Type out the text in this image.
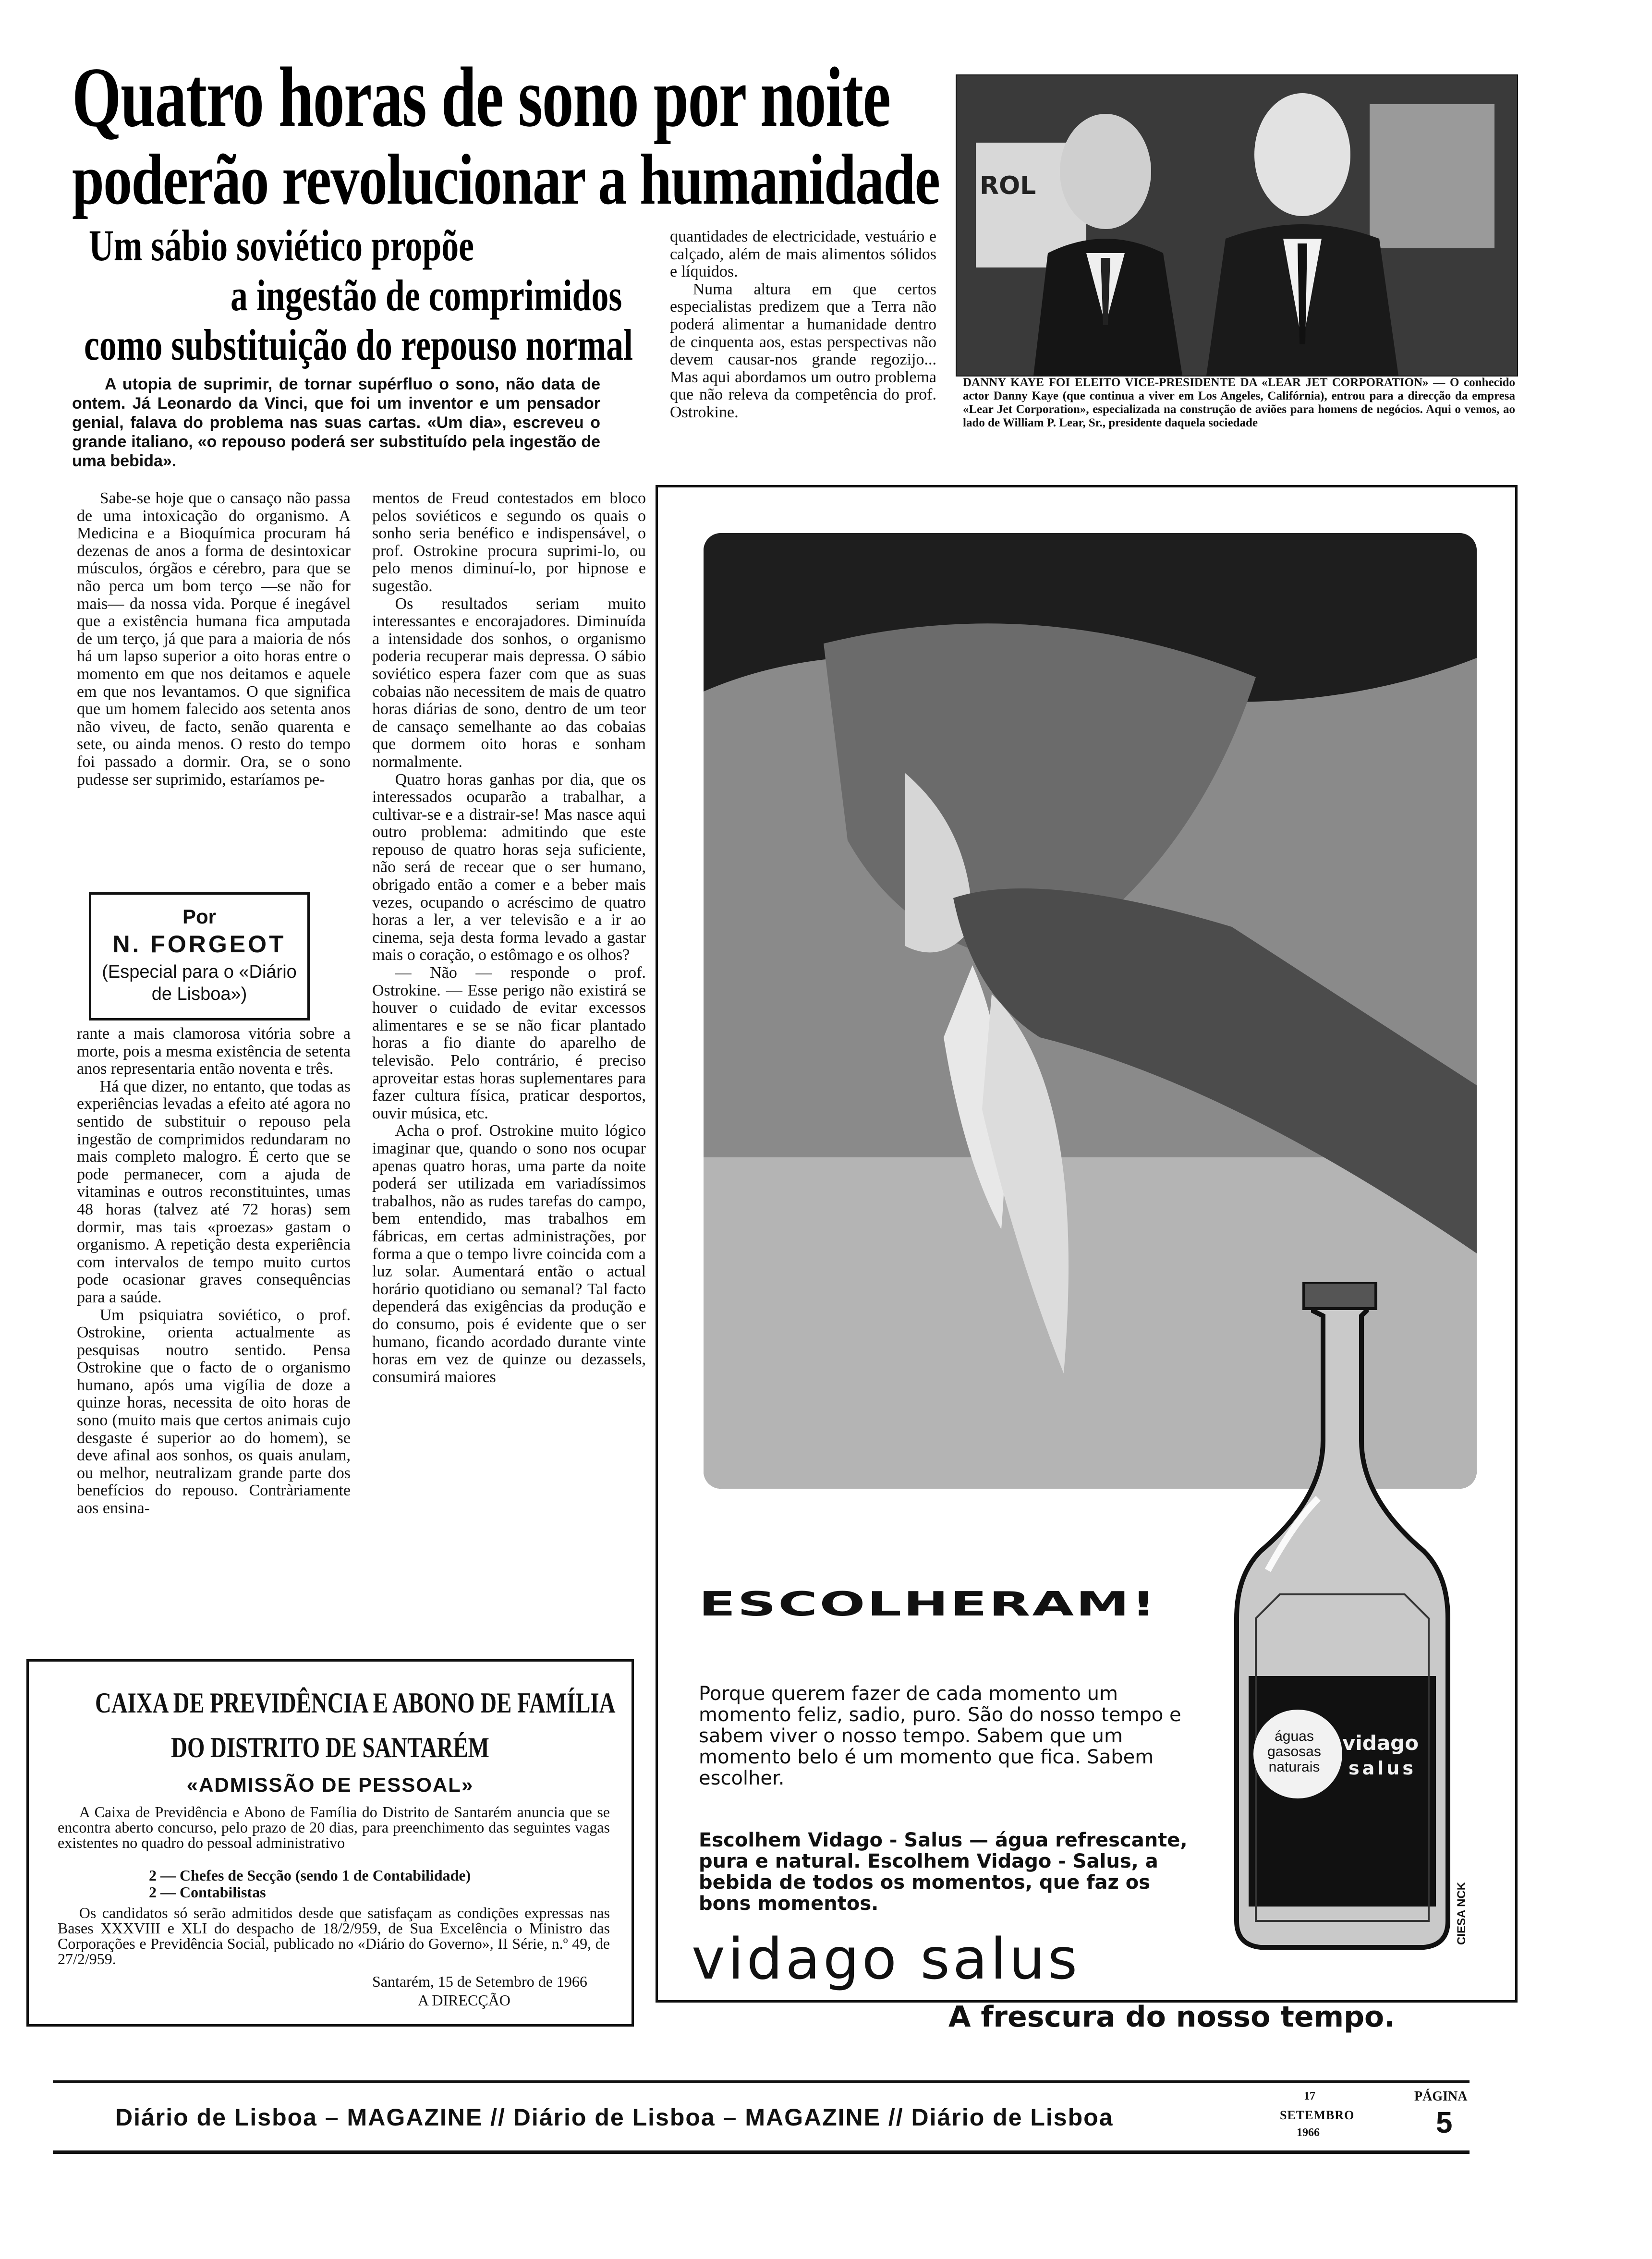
Quatro horas de sono por noite
poderão revolucionar a humanidade
Um sábio soviético propõe
a ingestão de comprimidos
como substituição do repouso normal
A utopia de suprimir, de tornar supérfluo o sono, não data de ontem. Já Leonardo da Vinci, que foi um inventor e um pensador genial, falava do problema nas suas cartas. «Um dia», escreveu o grande italiano, «o repouso poderá ser substituído pela ingestão de uma bebida».

Sabe-se hoje que o cansaço não passa de uma intoxicação do organismo. A Medicina e a Bioquímica procuram há dezenas de anos a forma de desintoxicar músculos, órgãos e cérebro, para que se não perca um bom terço —se não for mais— da nossa vida. Porque é inegável que a existência humana fica amputada de um terço, já que para a maioria de nós há um lapso superior a oito horas entre o momento em que nos deitamos e aquele em que nos levantamos. O que significa que um homem falecido aos setenta anos não viveu, de facto, senão quarenta e sete, ou ainda menos. O resto do tempo foi passado a dormir. Ora, se o sono pudesse ser suprimido, estaríamos pe-

Por
N. FORGEOT
(Especial para o «Diário de Lisboa»)

rante a mais clamorosa vitória sobre a morte, pois a mesma existência de setenta anos representaria então noventa e três.

Há que dizer, no entanto, que todas as experiências levadas a efeito até agora no sentido de substituir o repouso pela ingestão de comprimidos redundaram no mais completo malogro. É certo que se pode permanecer, com a ajuda de vitaminas e outros reconstituintes, umas 48 horas (talvez até 72 horas) sem dormir, mas tais «proezas» gastam o organismo. A repetição desta experiência com intervalos de tempo muito curtos pode ocasionar graves consequências para a saúde.

Um psiquiatra soviético, o prof. Ostrokine, orienta actualmente as pesquisas noutro sentido. Pensa Ostrokine que o facto de o organismo humano, após uma vigília de doze a quinze horas, necessita de oito horas de sono (muito mais que certos animais cujo desgaste é superior ao do homem), se deve afinal aos sonhos, os quais anulam, ou melhor, neutralizam grande parte dos benefícios do repouso. Contràriamente aos ensina-

mentos de Freud contestados em bloco pelos soviéticos e segundo os quais o sonho seria benéfico e indispensável, o prof. Ostrokine procura suprimi-lo, ou pelo menos diminuí-lo, por hipnose e sugestão.

Os resultados seriam muito interessantes e encorajadores. Diminuída a intensidade dos sonhos, o organismo poderia recuperar mais depressa. O sábio soviético espera fazer com que as suas cobaias não necessitem de mais de quatro horas diárias de sono, dentro de um teor de cansaço semelhante ao das cobaias que dormem oito horas e sonham normalmente.

Quatro horas ganhas por dia, que os interessados ocuparão a trabalhar, a cultivar-se e a distrair-se! Mas nasce aqui outro problema: admitindo que este repouso de quatro horas seja suficiente, não será de recear que o ser humano, obrigado então a comer e a beber mais vezes, ocupando o acréscimo de quatro horas a ler, a ver televisão e a ir ao cinema, seja desta forma levado a gastar mais o coração, o estômago e os olhos?

— Não — responde o prof. Ostrokine. — Esse perigo não existirá se houver o cuidado de evitar excessos alimentares e se se não ficar plantado horas a fio diante do aparelho de televisão. Pelo contrário, é preciso aproveitar estas horas suplementares para fazer cultura física, praticar desportos, ouvir música, etc.

Acha o prof. Ostrokine muito lógico imaginar que, quando o sono nos ocupar apenas quatro horas, uma parte da noite poderá ser utilizada em variadíssimos trabalhos, não as rudes tarefas do campo, bem entendido, mas trabalhos em fábricas, em certas administrações, por forma a que o tempo livre coincida com a luz solar. Aumentará então o actual horário quotidiano ou semanal? Tal facto dependerá das exigências da produção e do consumo, pois é evidente que o ser humano, ficando acordado durante vinte horas em vez de quinze ou dezassels, consumirá maiores

quantidades de electricidade, vestuário e calçado, além de mais alimentos sólidos e líquidos.

Numa altura em que certos especialistas predizem que a Terra não poderá alimentar a humanidade dentro de cinquenta aos, estas perspectivas não devem causar-nos grande regozijo... Mas aqui abordamos um outro problema que não releva da competência do prof. Ostrokine.

ROL
DANNY KAYE FOI ELEITO VICE-PRESIDENTE DA «LEAR JET CORPORATION» — O conhecido actor Danny Kaye (que continua a viver em Los Angeles, Califórnia), entrou para a direcção da empresa «Lear Jet Corporation», especializada na construção de aviões para homens de negócios. Aqui o vemos, ao lado de William P. Lear, Sr., presidente daquela sociedade
águas gasosas naturais
vidago
salus
ESCOLHERAM!
Porque querem fazer de cada momento um momento feliz, sadio, puro. São do nosso tempo e sabem viver o nosso tempo. Sabem que um momento belo é um momento que fica. Sabem escolher.
Escolhem Vidago - Salus — água refrescante, pura e natural. Escolhem Vidago - Salus, a bebida de todos os momentos, que faz os bons momentos.
vidago salus
A frescura do nosso tempo.
CIESA NCK
CAIXA DE PREVIDÊNCIA E ABONO DE FAMÍLIA
DO DISTRITO DE SANTARÉM
«ADMISSÃO DE PESSOAL»
A Caixa de Previdência e Abono de Família do Distrito de Santarém anuncia que se encontra aberto concurso, pelo prazo de 20 dias, para preenchimento das seguintes vagas existentes no quadro do pessoal administrativo
2 — Chefes de Secção (sendo 1 de Contabilidade)
2 — Contabilistas
Os candidatos só serão admitidos desde que satisfaçam as condições expressas nas Bases XXXVIII e XLI do despacho de 18/2/959, de Sua Excelência o Ministro das Corporações e Previdência Social, publicado no «Diário do Governo», II Série, n.º 49, de 27/2/959.
Santarém, 15 de Setembro de 1966
A DIRECÇÃO
Diário de Lisboa – MAGAZINE // Diário de Lisboa – MAGAZINE // Diário de Lisboa
17
SETEMBRO
1966
PÁGINA
5
